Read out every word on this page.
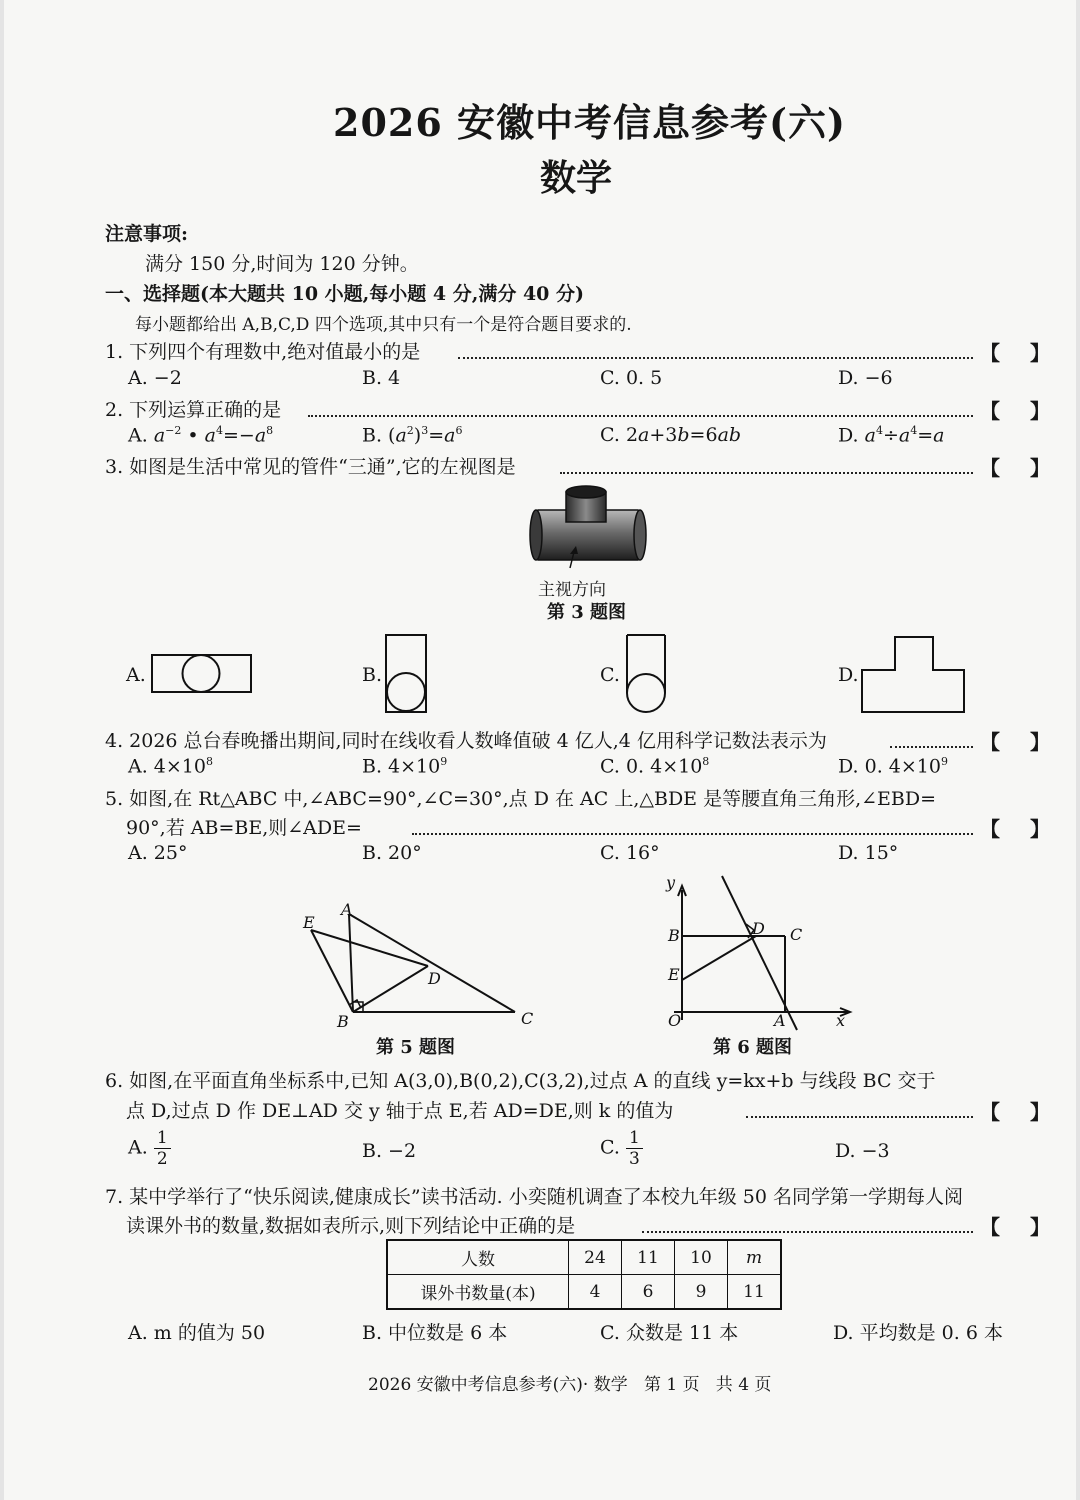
2026 安徽中考信息参考(六)
数学
注意事项:
满分 150 分,时间为 120 分钟。
一、选择题(本大题共 10 小题,每小题 4 分,满分 40 分)
每小题都给出 A,B,C,D 四个选项,其中只有一个是符合题目要求的.
1. 下列四个有理数中,绝对值最小的是	【 】
A. −2	B. 4	C. 0. 5	D. −6
2. 下列运算正确的是	【 】
A. $a^{-2}$ • $a^4=-a^8$	B. $(a^2)^3=a^6$	C. 2a+3b=6ab	D. $a^4\div a^4=a$
3. 如图是生活中常见的管件“三通”,它的左视图是	【 】
主视方向
第 3 题图
A.	B.	C.	D.
4. 2026 总台春晚播出期间,同时在线收看人数峰值破 4 亿人,4 亿用科学记数法表示为	【 】
A. $4\times 10^8$	B. $4\times 10^9$	C. 0. $4\times 10^8$	D. 0. $4\times 10^9$
5. 如图,在 Rt△ABC 中,∠ABC=90°,∠C=30°,点 D 在 AC 上,△BDE 是等腰直角三角形,∠EBD=
90°,若 AB=BE,则∠ADE=	【 】
A. 25°	B. 20°	C. 16°	D. 15°
A
B	C
D
E
第 5 题图
y
x
O	A
B	C
D
E
第 6 题图
6. 如图,在平面直角坐标系中,已知 A(3,0),B(0,2),C(3,2),过点 A 的直线 y=kx+b 与线段 BC 交于
点 D,过点 D 作 DE⊥AD 交 y 轴于点 E,若 AD=DE,则 k 的值为	【 】
A. $\frac{1}{2}$	B. −2	C. $\frac{1}{3}$	D. −3
7. 某中学举行了“快乐阅读,健康成长”读书活动. 小奕随机调查了本校九年级 50 名同学第一学期每人阅
读课外书的数量,数据如表所示,则下列结论中正确的是	【 】
人数	24	11	10	m
课外书数量(本)	4	6	9	11
A. m 的值为 50	B. 中位数是 6 本	C. 众数是 11 本	D. 平均数是 0. 6 本
2026 安徽中考信息参考(六)· 数学   第 1 页   共 4 页
